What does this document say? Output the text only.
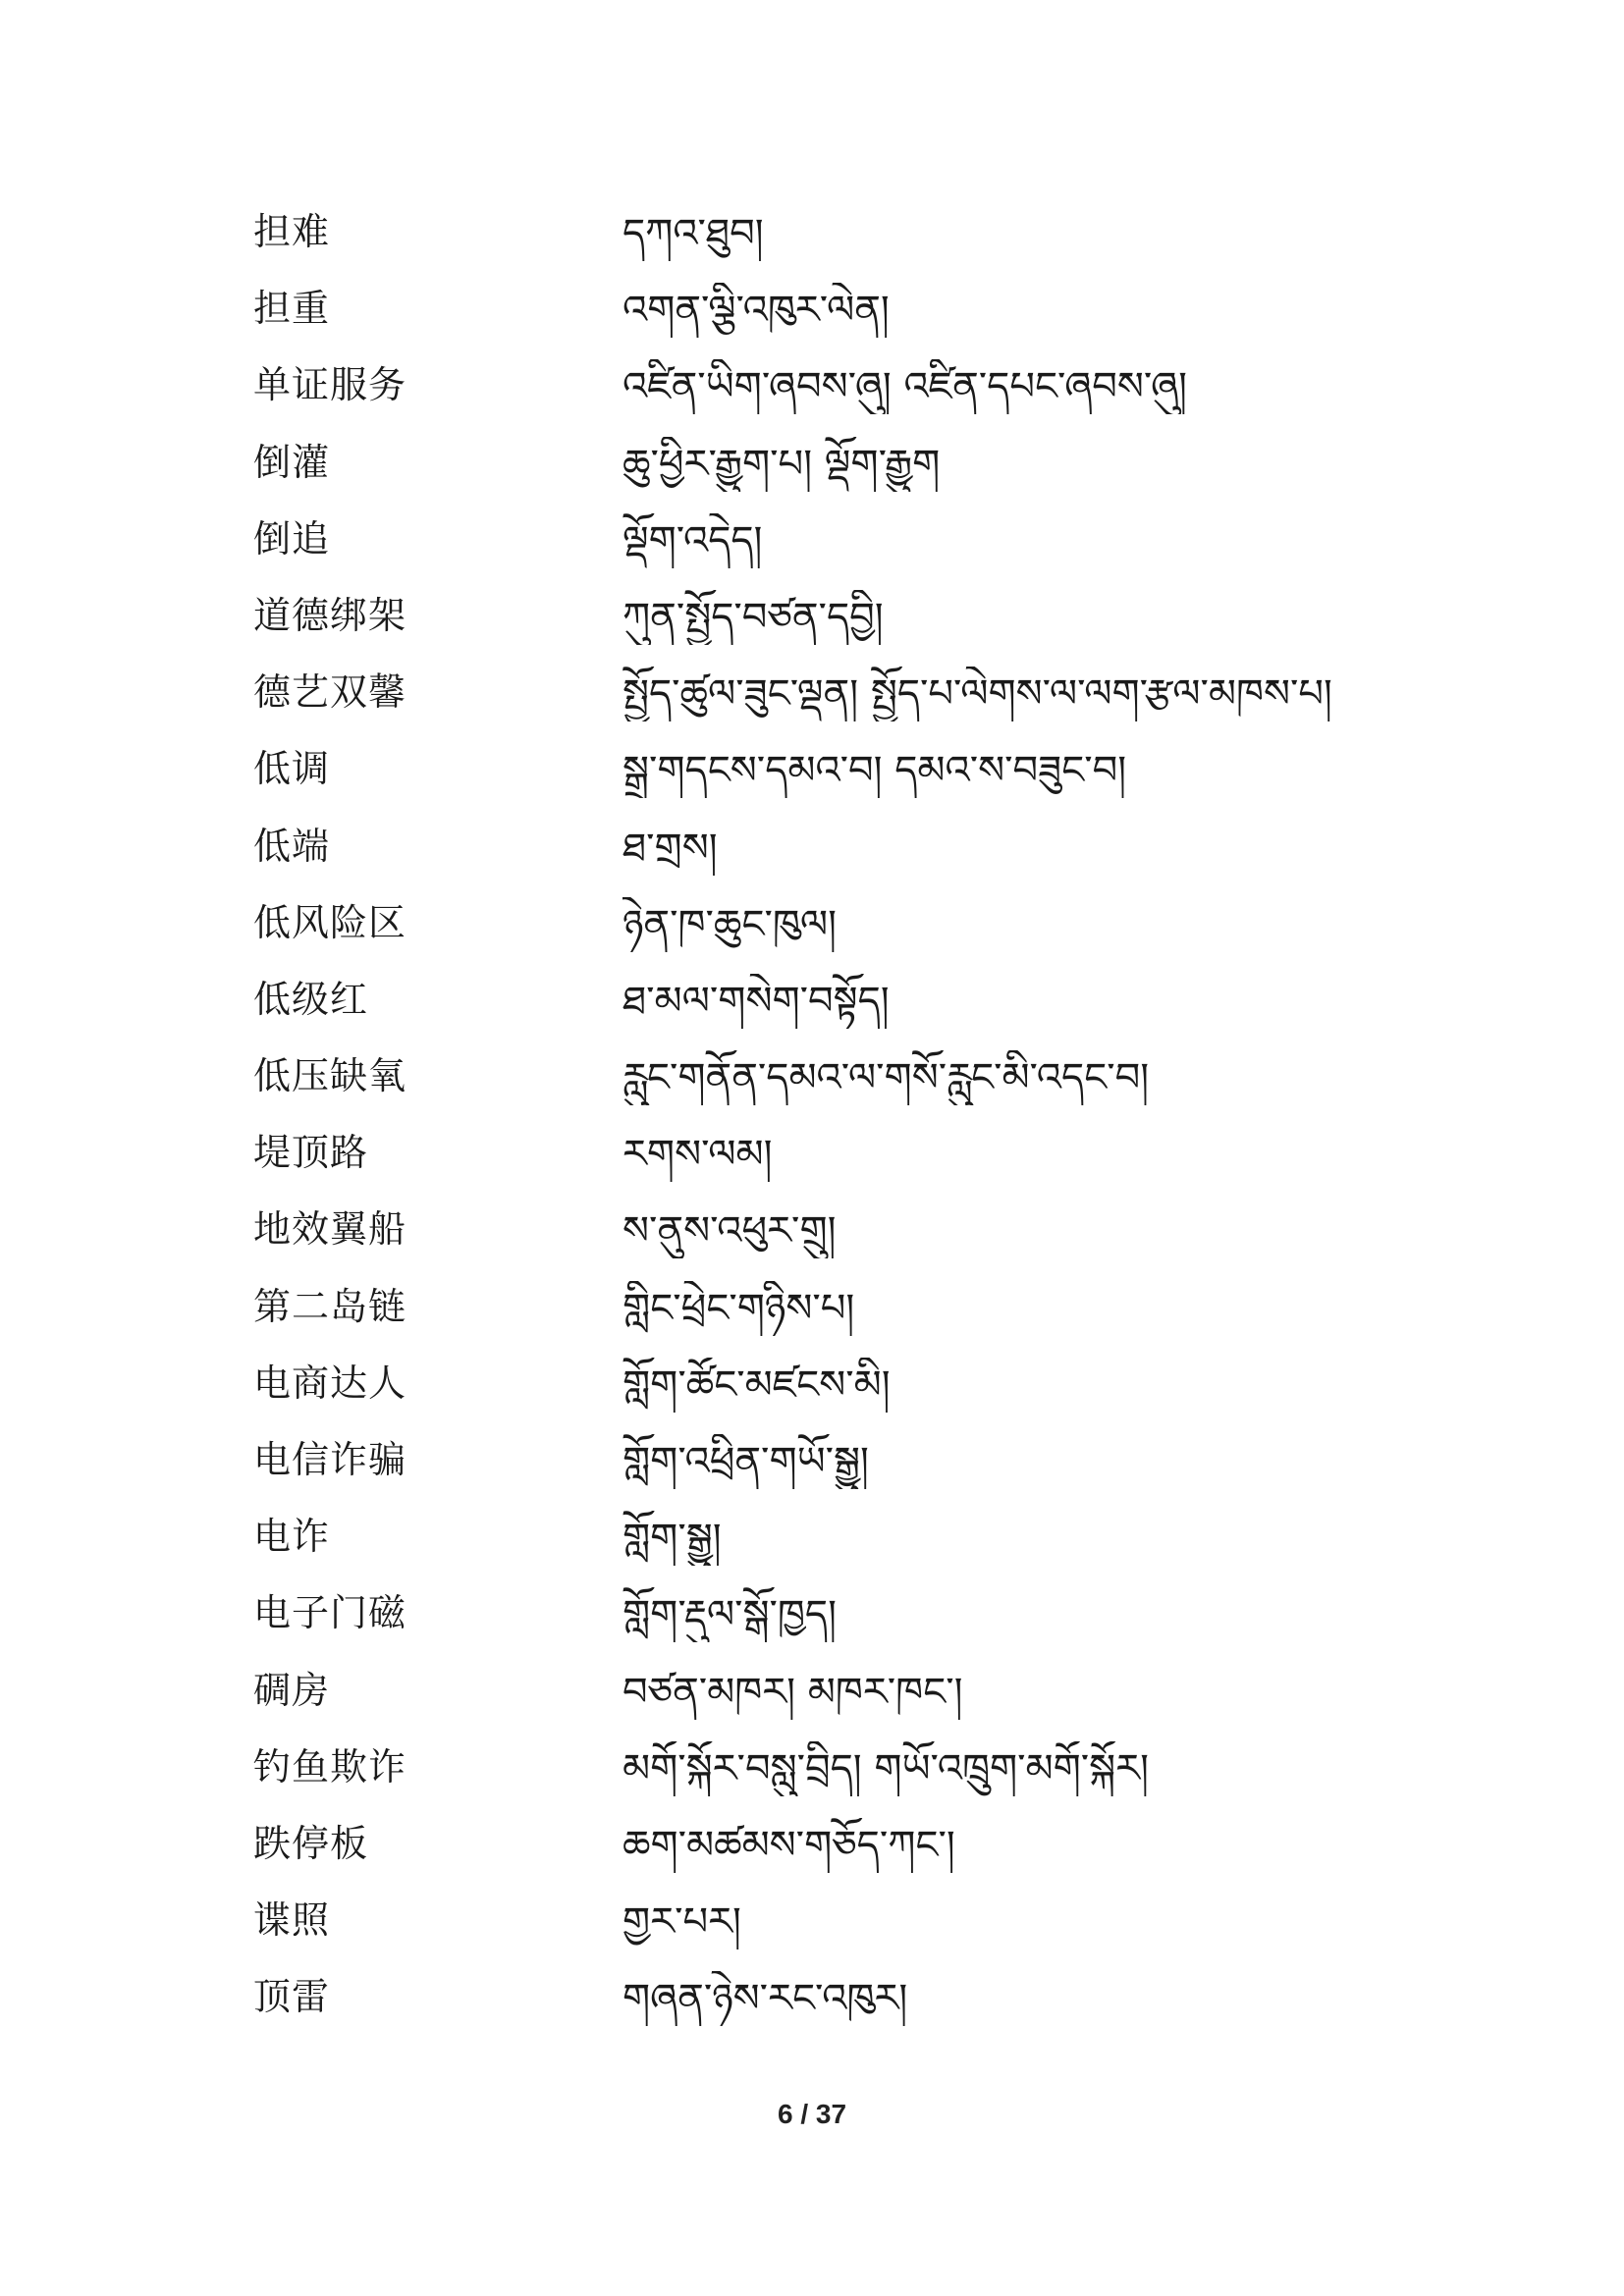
担难	དཀའ་ཐུབ།
担重	འགན་ལྕི་འཁུར་ལེན།
单证服务	འཛིན་ཡིག་ཞབས་ཞུ། འཛིན་དཔང་ཞབས་ཞུ།
倒灌	ཆུ་ཕྱིར་རྒྱུག་པ། ལྡོག་རྒྱུག
倒追	ལྡོག་འདེད།
道德绑架	ཀུན་སྤྱོད་བཙན་དབྱི།
德艺双馨	སྤྱོད་ཚུལ་ཟུང་ལྡན། སྤྱོད་པ་ལེགས་ལ་ལག་རྩལ་མཁས་པ།
低调	སྒྲ་གདངས་དམའ་བ། དམའ་ས་བཟུང་བ།
低端	ཐ་གྲས།
低风险区	ཉེན་ཁ་ཆུང་ཁུལ།
低级红	ཐ་མལ་གསེག་བསྟོད།
低压缺氧	རླུང་གནོན་དམའ་ལ་གསོ་རླུང་མི་འདང་བ།
堤顶路	རགས་ལམ།
地效翼船	ས་ནུས་འཕུར་གྲུ།
第二岛链	གླིང་ཕྲེང་གཉིས་པ།
电商达人	གློག་ཚོང་མཛངས་མི།
电信诈骗	གློག་འཕྲིན་གཡོ་སྒྱུ།
电诈	གློག་སྒྱུ།
电子门磁	གློག་རྡུལ་སྒོ་ཁྱད།
碉房	བཙན་མཁར། མཁར་ཁང་།
钓鱼欺诈	མགོ་སྐོར་བསླུ་བྲིད། གཡོ་འཁྲུག་མགོ་སྐོར།
跌停板	ཆག་མཚམས་གཅོད་ཀང་།
谍照	གྱར་པར།
顶雷	གཞན་ཉེས་རང་འཁུར།
6 / 37
